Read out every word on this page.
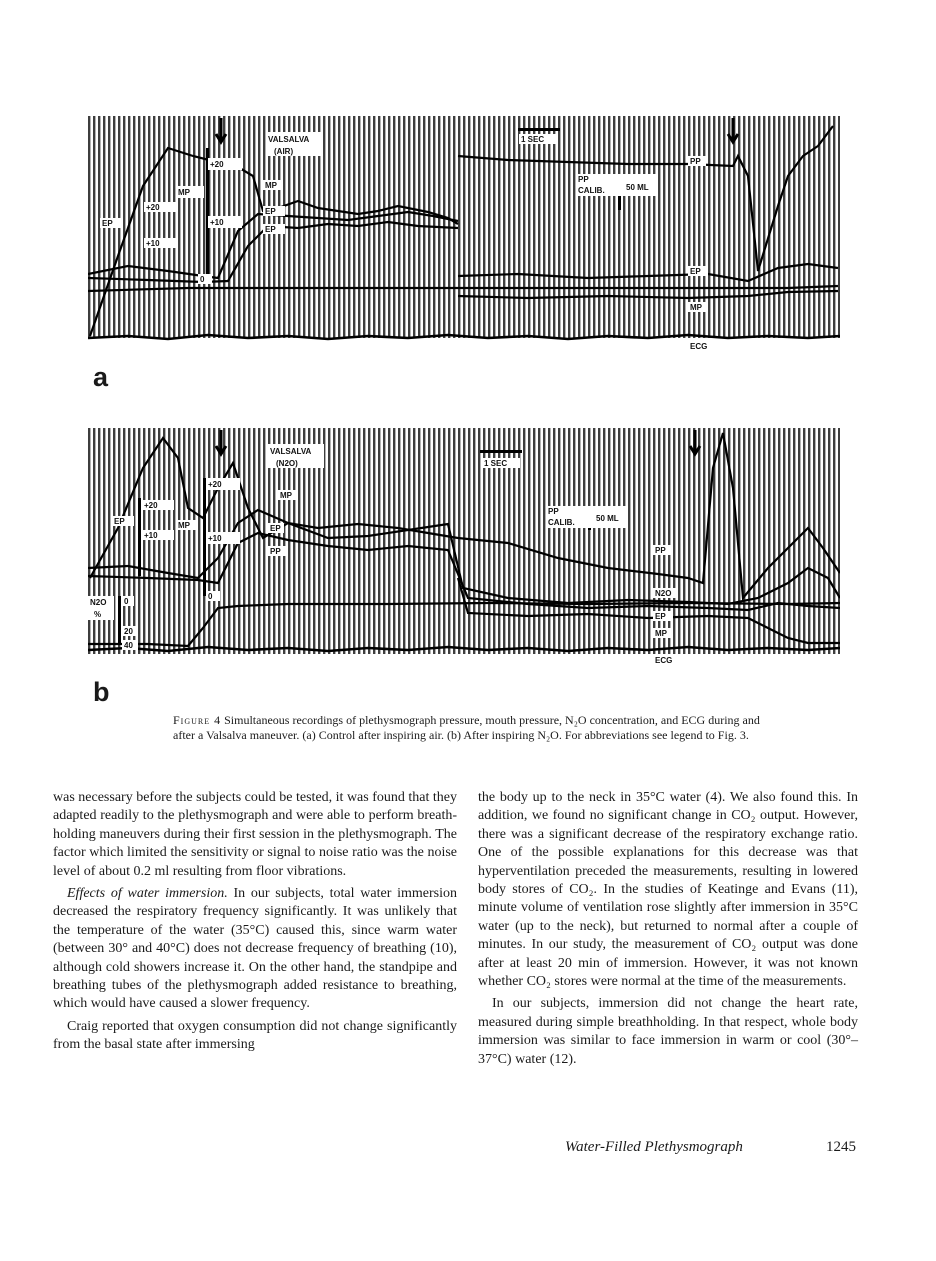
VALSALVA
(AIR)
1 SEC
PP
PP
CALIB.	50 ML
MP
EP
EP
EP
MP
ECG
MP
EP
+20
+10
+20
+10
0
a
VALSALVA
(N2O)	1 SEC
PP
CALIB.	50 ML
MP
EP
PP	PP
N2O
EP
MP
ECG
N2O
%
0
20
40
+20
+10
+20
+10
0
EP	MP
b
Figure 4 Simultaneous recordings of plethysmograph pressure, mouth pressure, N₂O concentration, and ECG during and after a Valsalva maneuver. (a) Control after inspiring air. (b) After inspiring N₂O. For abbreviations see legend to Fig. 3.

was necessary before the subjects could be tested, it was found that they adapted readily to the plethysmograph and were able to perform breath-holding maneuvers during their first session in the plethysmograph. The factor which limited the sensitivity or signal to noise ratio was the noise level of about 0.2 ml resulting from floor vibrations.

Effects of water immersion. In our subjects, total water immersion decreased the respiratory frequency significantly. It was unlikely that the temperature of the water (35°C) caused this, since warm water (between 30° and 40°C) does not decrease frequency of breathing (10), although cold showers increase it. On the other hand, the standpipe and breathing tubes of the plethysmograph added resistance to breathing, which would have caused a slower frequency.

Craig reported that oxygen consumption did not change significantly from the basal state after immersing

the body up to the neck in 35°C water (4). We also found this. In addition, we found no significant change in CO₂ output. However, there was a significant decrease of the respiratory exchange ratio. One of the possible explanations for this decrease was that hyperventilation preceded the measurements, resulting in lowered body stores of CO₂. In the studies of Keatinge and Evans (11), minute volume of ventilation rose slightly after immersion in 35°C water (up to the neck), but returned to normal after a couple of minutes. In our study, the measurement of CO₂ output was done after at least 20 min of immersion. However, it was not known whether CO₂ stores were normal at the time of the measurements.

In our subjects, immersion did not change the heart rate, measured during simple breathholding. In that respect, whole body immersion was similar to face immersion in warm or cool (30°–37°C) water (12).

Water-Filled Plethysmograph	1245
